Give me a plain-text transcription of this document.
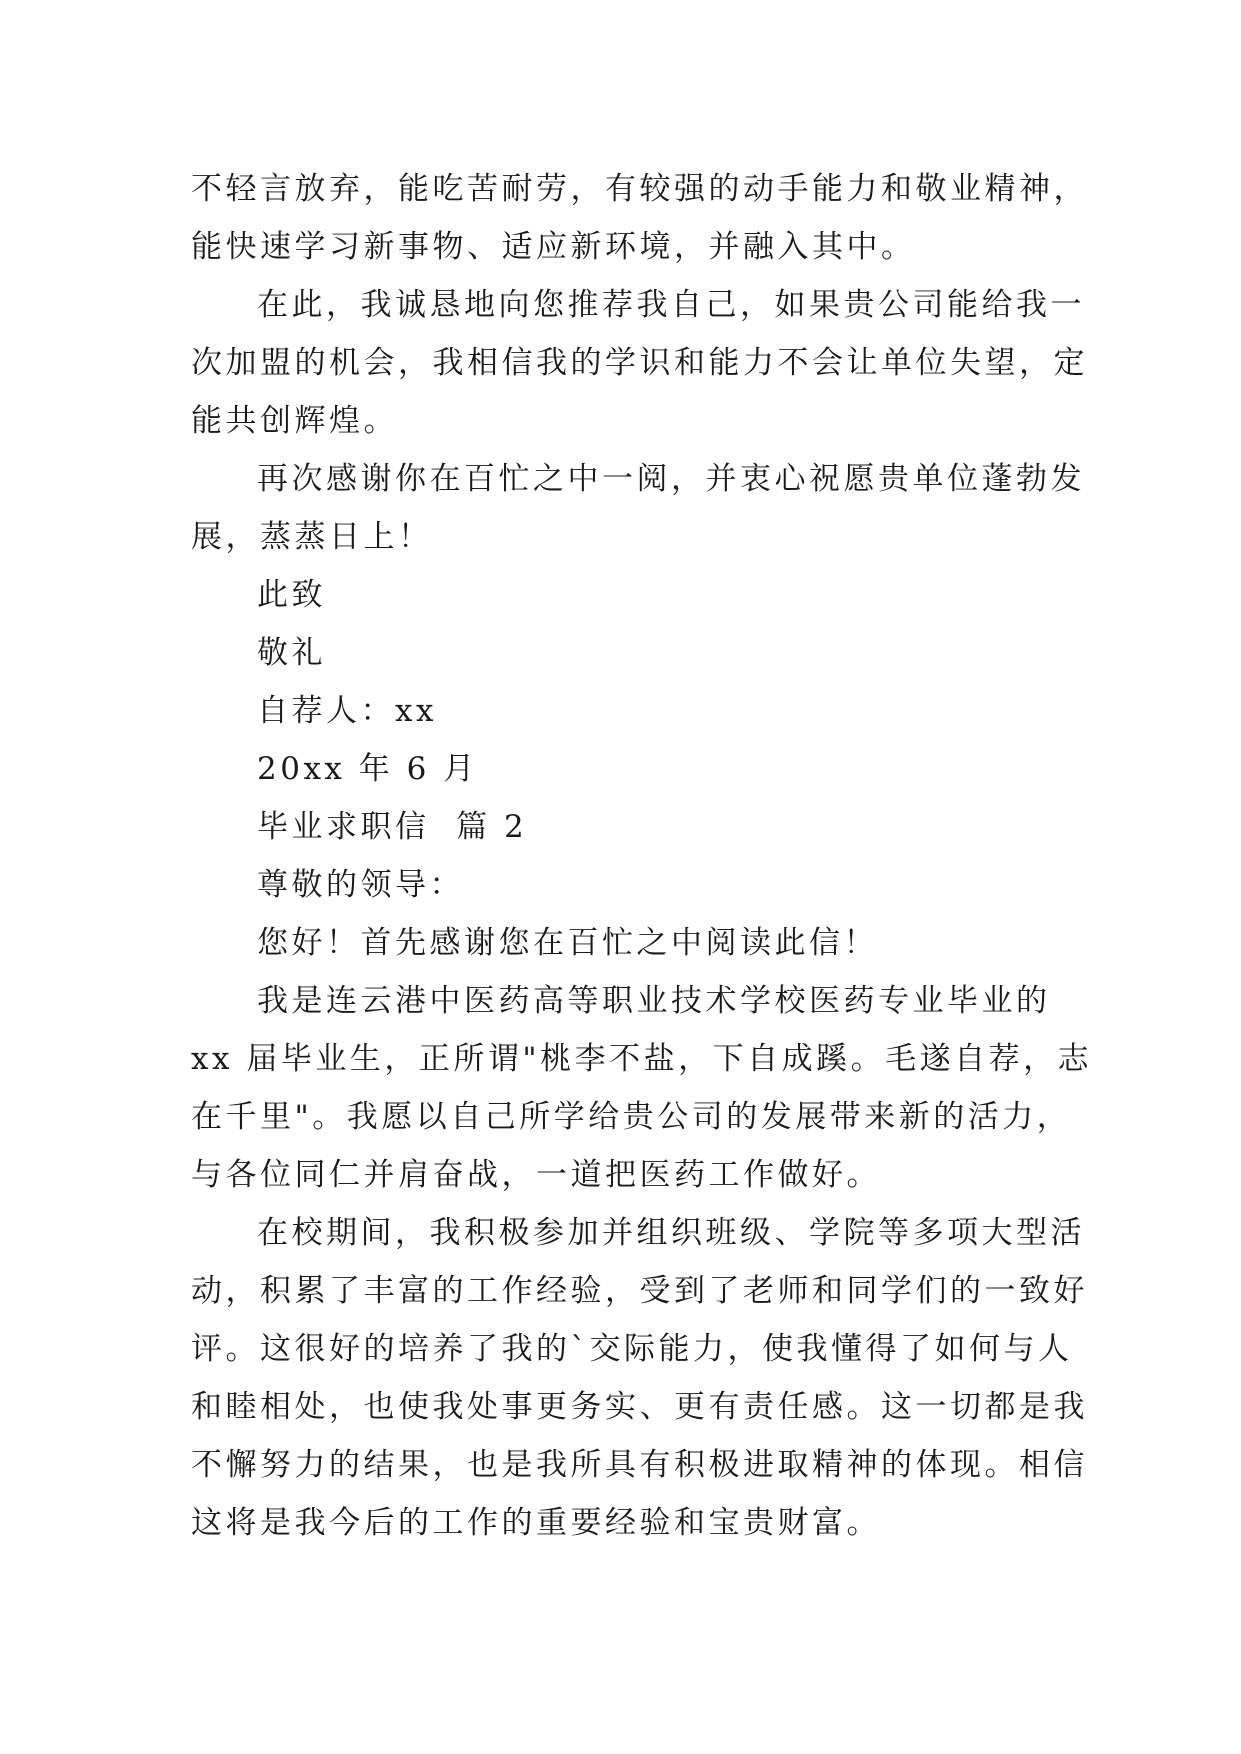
不轻言放弃，能吃苦耐劳，有较强的动手能力和敬业精神，
能快速学习新事物、适应新环境，并融入其中。
在此，我诚恳地向您推荐我自己，如果贵公司能给我一
次加盟的机会，我相信我的学识和能力不会让单位失望，定
能共创辉煌。
再次感谢你在百忙之中一阅，并衷心祝愿贵单位蓬勃发
展，蒸蒸日上！
此致
敬礼
自荐人：xx
20xx 年 6 月
毕业求职信  篇 2
尊敬的领导：
您好！首先感谢您在百忙之中阅读此信！
我是连云港中医药高等职业技术学校医药专业毕业的
xx 届毕业生，正所谓"桃李不盐，下自成蹊。毛遂自荐，志
在千里"。我愿以自己所学给贵公司的发展带来新的活力，
与各位同仁并肩奋战，一道把医药工作做好。
在校期间，我积极参加并组织班级、学院等多项大型活
动，积累了丰富的工作经验，受到了老师和同学们的一致好
评。这很好的培养了我的`交际能力，使我懂得了如何与人
和睦相处，也使我处事更务实、更有责任感。这一切都是我
不懈努力的结果，也是我所具有积极进取精神的体现。相信
这将是我今后的工作的重要经验和宝贵财富。
